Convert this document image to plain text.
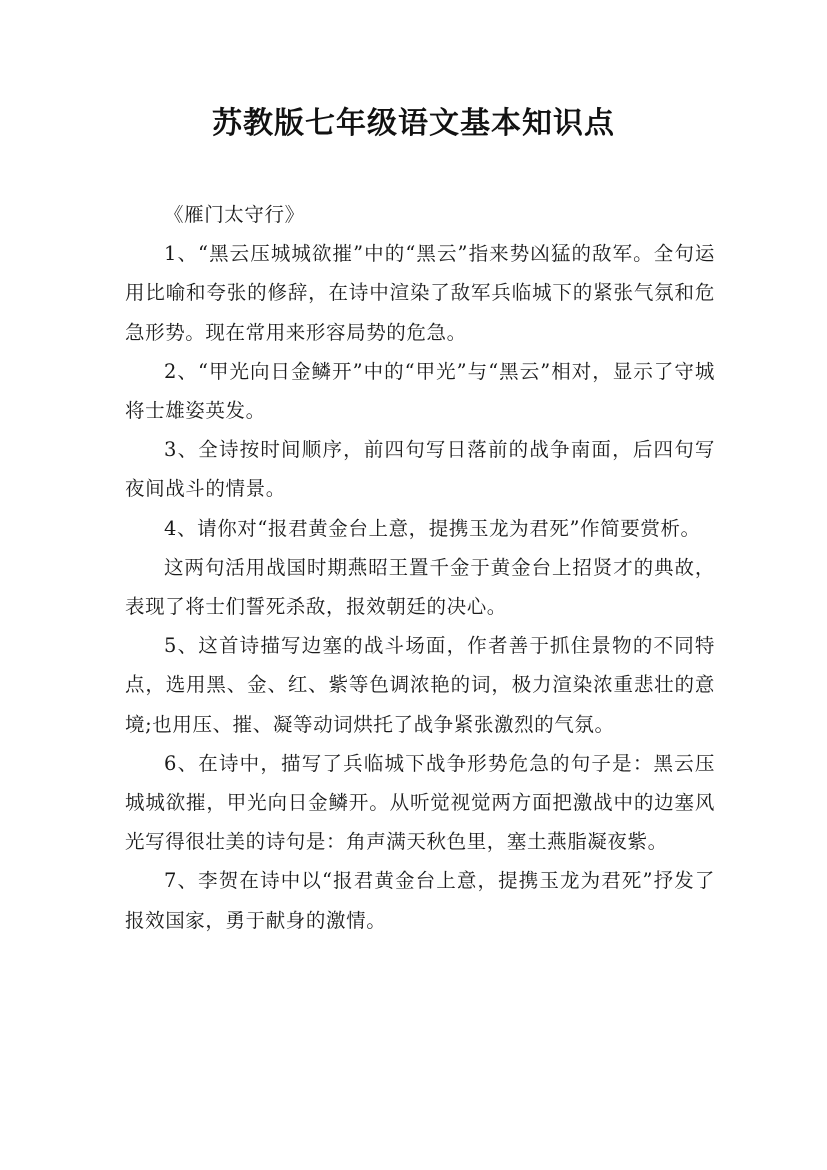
苏教版七年级语文基本知识点

《雁门太守行》

1、“黑云压城城欲摧”中的“黑云”指来势凶猛的敌军。全句运用比喻和夸张的修辞，在诗中渲染了敌军兵临城下的紧张气氛和危急形势。现在常用来形容局势的危急。

2、“甲光向日金鳞开”中的“甲光”与“黑云”相对，显示了守城将士雄姿英发。

3、全诗按时间顺序，前四句写日落前的战争南面，后四句写夜间战斗的情景。

4、请你对“报君黄金台上意，提携玉龙为君死”作简要赏析。

这两句活用战国时期燕昭王置千金于黄金台上招贤才的典故，表现了将士们誓死杀敌，报效朝廷的决心。

5、这首诗描写边塞的战斗场面，作者善于抓住景物的不同特点，选用黑、金、红、紫等色调浓艳的词，极力渲染浓重悲壮的意境;也用压、摧、凝等动词烘托了战争紧张激烈的气氛。

6、在诗中，描写了兵临城下战争形势危急的句子是：黑云压城城欲摧，甲光向日金鳞开。从听觉视觉两方面把激战中的边塞风光写得很壮美的诗句是：角声满天秋色里，塞土燕脂凝夜紫。

7、李贺在诗中以“报君黄金台上意，提携玉龙为君死”抒发了报效国家，勇于献身的激情。
